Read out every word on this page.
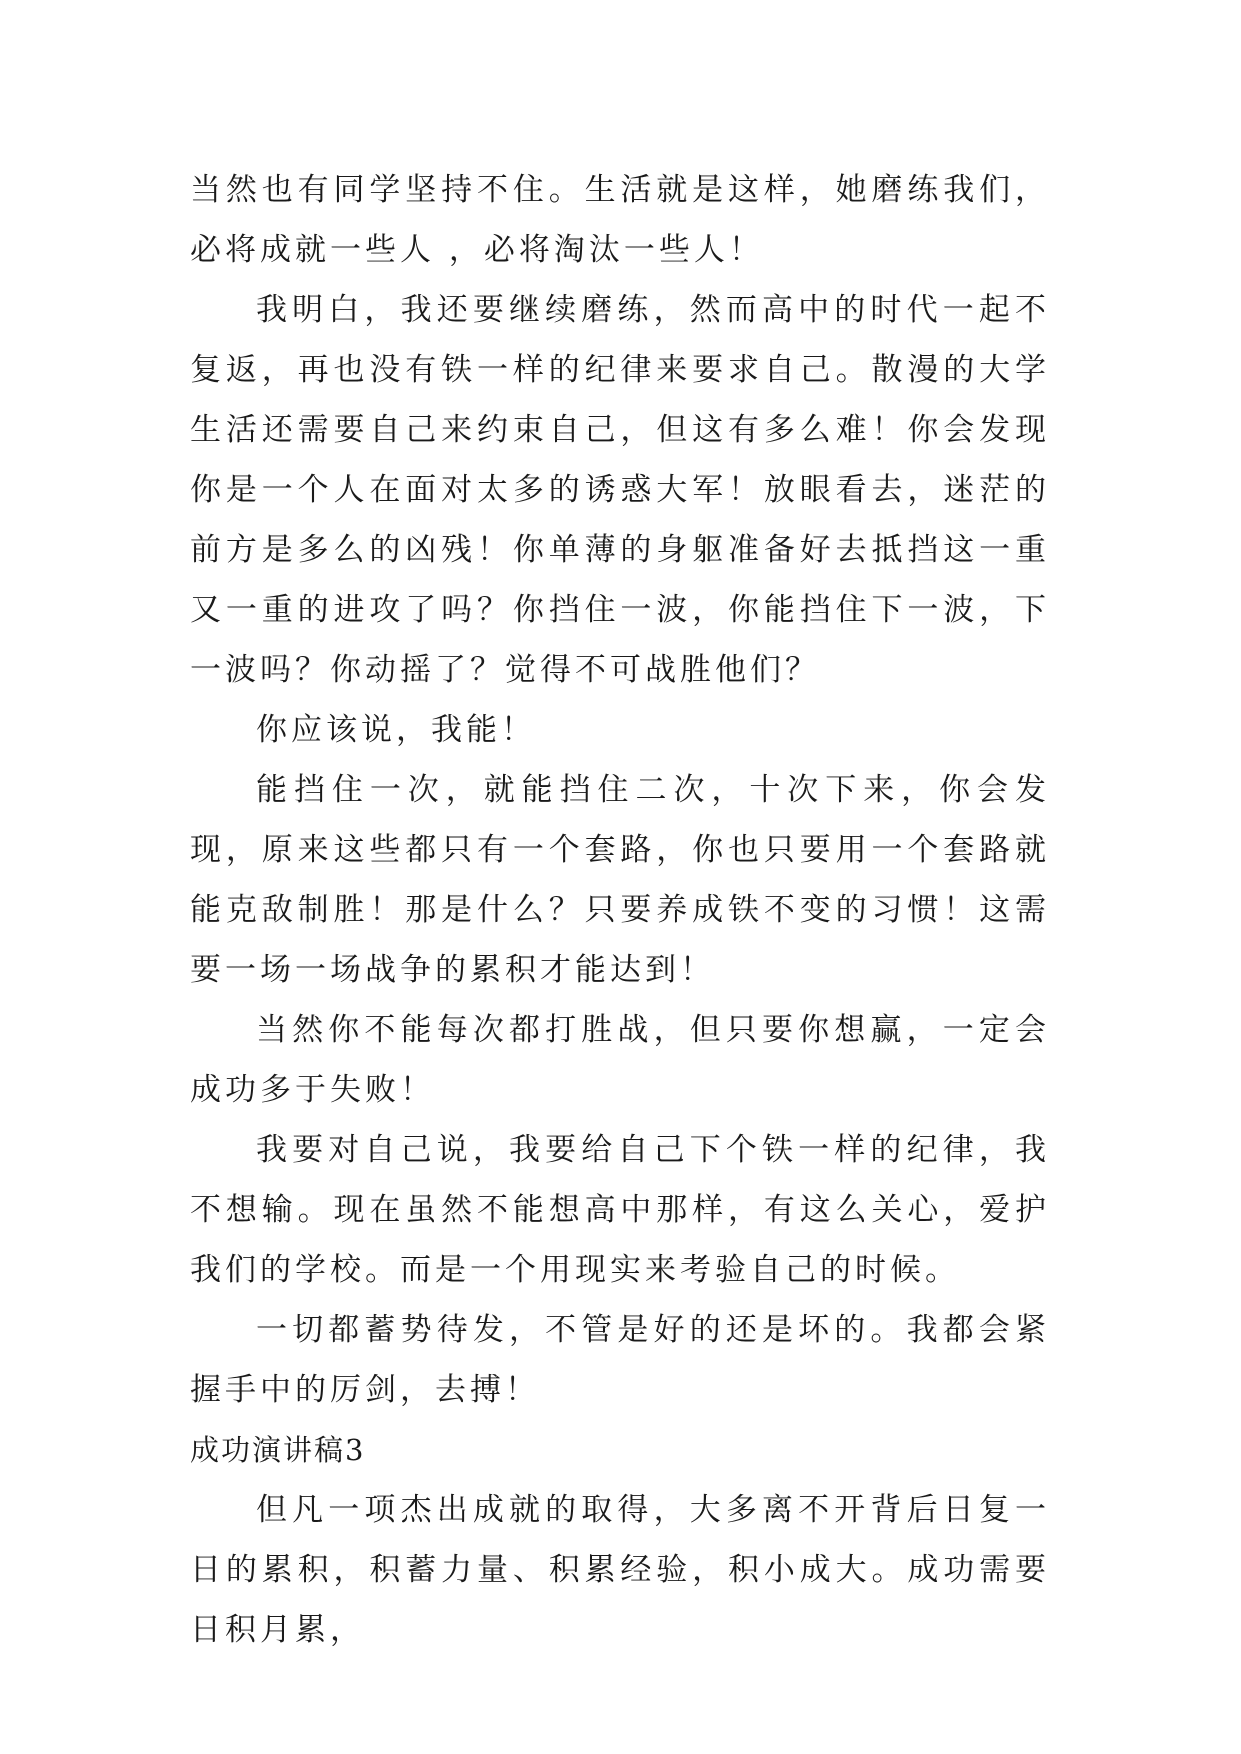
当然也有同学坚持不住。生活就是这样，她磨练我们，必将成就一些人 ，必将淘汰一些人！

我明白，我还要继续磨练，然而高中的时代一起不复返，再也没有铁一样的纪律来要求自己。散漫的大学生活还需要自己来约束自己，但这有多么难！你会发现你是一个人在面对太多的诱惑大军！放眼看去，迷茫的前方是多么的凶残！你单薄的身躯准备好去抵挡这一重又一重的进攻了吗？你挡住一波，你能挡住下一波，下一波吗？你动摇了？觉得不可战胜他们？

你应该说，我能！

能挡住一次，就能挡住二次，十次下来，你会发现，原来这些都只有一个套路，你也只要用一个套路就能克敌制胜！那是什么？只要养成铁不变的习惯！这需要一场一场战争的累积才能达到！

当然你不能每次都打胜战，但只要你想赢，一定会成功多于失败！

我要对自己说，我要给自己下个铁一样的纪律，我不想输。现在虽然不能想高中那样，有这么关心，爱护我们的学校。而是一个用现实来考验自己的时候。

一切都蓄势待发，不管是好的还是坏的。我都会紧握手中的厉剑，去搏！

成功演讲稿3

但凡一项杰出成就的取得，大多离不开背后日复一日的累积，积蓄力量、积累经验，积小成大。成功需要日积月累，
